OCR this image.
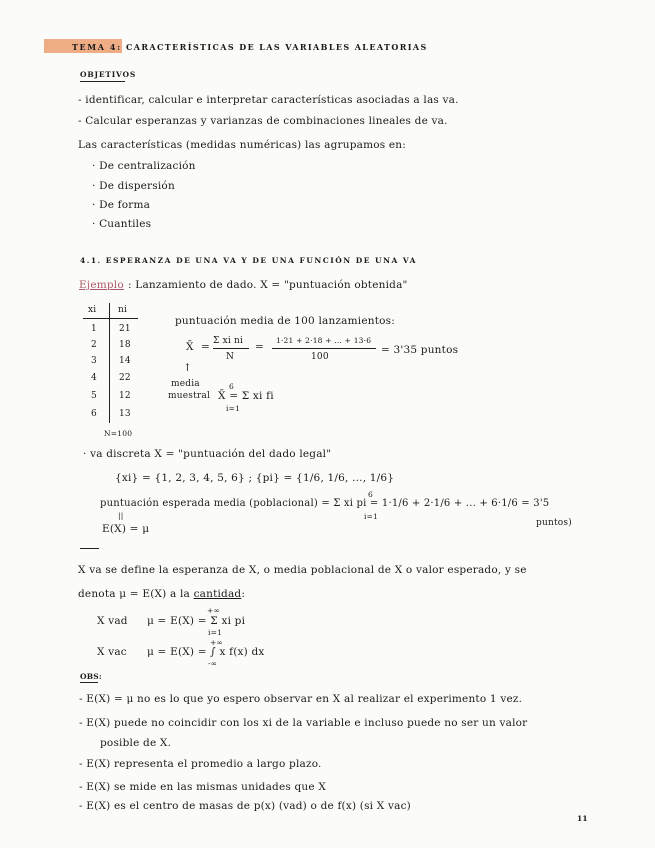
TEMA 4: CARACTERÍSTICAS DE LAS VARIABLES ALEATORIAS
OBJETIVOS
- identificar, calcular e interpretar características asociadas a las va.
- Calcular esperanzas y varianzas de combinaciones lineales de va.
Las características (medidas numéricas) las agrupamos en:
· De centralización
· De dispersión
· De forma
· Cuantiles
4.1. ESPERANZA DE UNA VA Y DE UNA FUNCIÓN DE UNA VA
Ejemplo : Lanzamiento de dado. X = "puntuación obtenida"
xi ni
1 21
2 18
3 14
4 22
5 12
6 13
N=100
puntuación media de 100 lanzamientos:
X̄ = Σ xi ni
N
=
1·21 + 2·18 + ... + 13·6
100
= 3'35 puntos
↑
media
muestral
6
X̄ = Σ xi fi
i=1
· va discreta X = "puntuación del dado legal"
{xi} = {1, 2, 3, 4, 5, 6} ; {pi} = {1/6, 1/6, ..., 1/6}
6
puntuación esperada media (poblacional) = Σ xi pi = 1·1/6 + 2·1/6 + ... + 6·1/6 = 3'5
i=1
puntos)
||
E(X) = μ
X va se define la esperanza de X, o media poblacional de X o valor esperado, y se
denota μ = E(X) a la cantidad:
X vad
+∞
μ = E(X) = Σ xi pi
i=1
X vac
+∞
μ = E(X) = ∫ x f(x) dx
-∞
OBS:
- E(X) = μ no es lo que yo espero observar en X al realizar el experimento 1 vez.
- E(X) puede no coincidir con los xi de la variable e incluso puede no ser un valor
posible de X.
- E(X) representa el promedio a largo plazo.
- E(X) se mide en las mismas unidades que X
- E(X) es el centro de masas de p(x) (vad) o de f(x) (si X vac)
11
